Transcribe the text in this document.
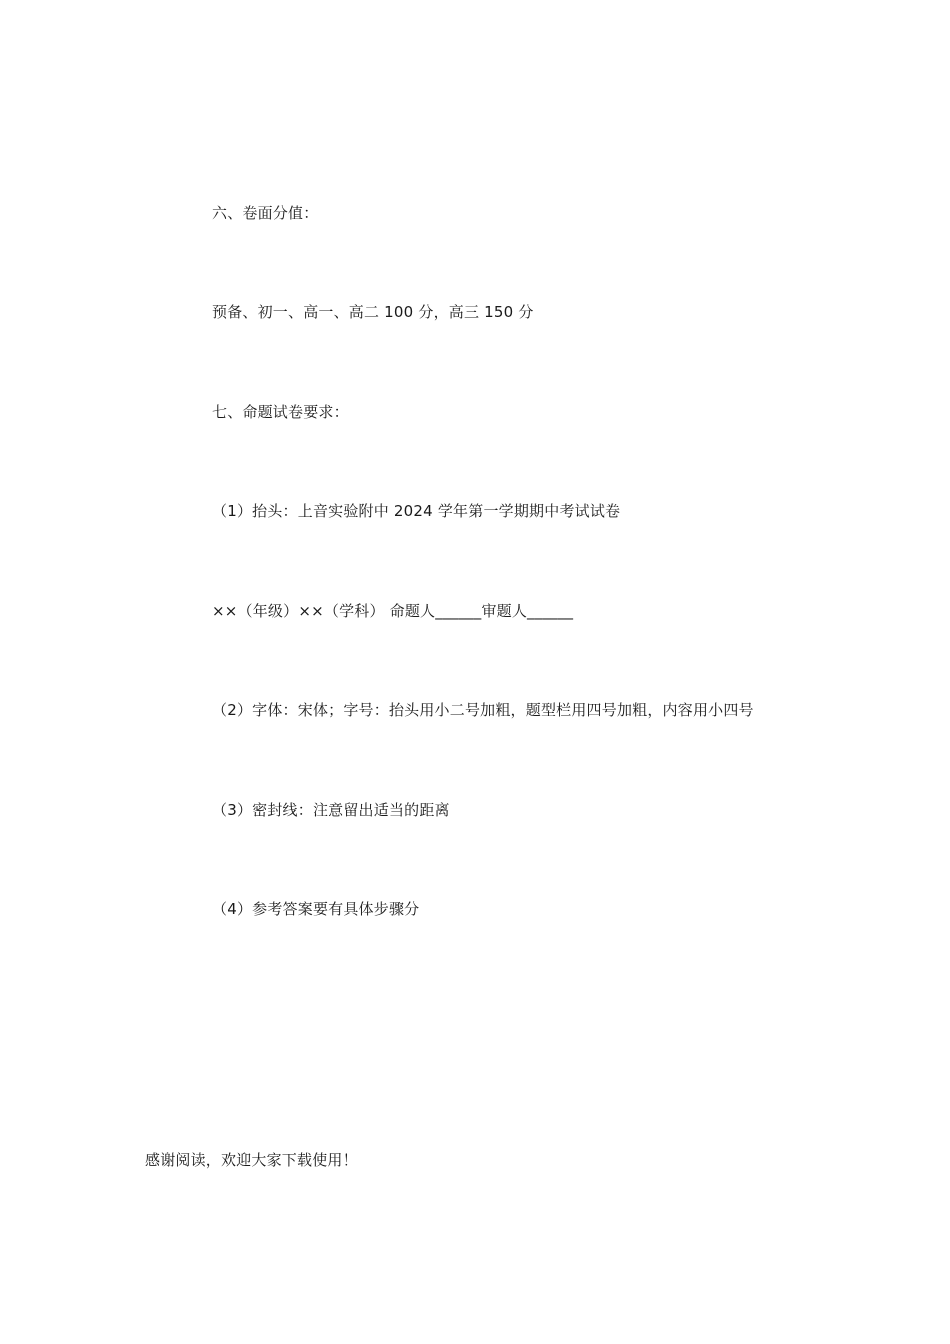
六、卷面分值：
预备、初一、高一、高二 100 分，高三 150 分
七、命题试卷要求：
（1）抬头：上音实验附中 2024 学年第一学期期中考试试卷
××（年级）××（学科） 命题人______审题人______
（2）字体：宋体；字号：抬头用小二号加粗，题型栏用四号加粗，内容用小四号
（3）密封线：注意留出适当的距离
（4）参考答案要有具体步骤分
感谢阅读，欢迎大家下载使用！
